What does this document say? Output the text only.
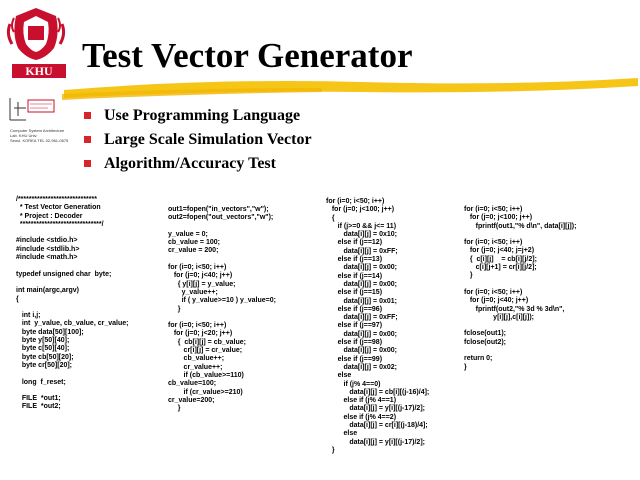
KHU Test Vector Generator
Computer System Architecture
Lab. KHU Univ.
Seoul, KOREA TEL 02-961-0675
Use Programming Language
Large Scale Simulation Vector
Algorithm/Accuracy Test
/*****************************
* Test Vector Generation
* Project : Decoder
******************************/

#include <stdio.h>
#include <stdlib.h>
#include <math.h>

typedef unsigned char  byte;

int main(argc,argv)
{

int i,j;
int  y_value, cb_value, cr_value;
byte data[50][100];
byte y[50][40];
byte c[50][40];
byte cb[50][20];
byte cr[50][20];

long  f_reset;

FILE  *out1;
FILE  *out2;
out1=fopen("in_vectors","w");
out2=fopen("out_vectors","w");

y_value = 0;
cb_value = 100;
cr_value = 200;

for (i=0; i<50; i++)
for (j=0; j<40; j++)
{ y[i][j] = y_value;
y_value++;
if ( y_value>=10 ) y_value=0;
}

for (i=0; i<50; i++)
for (j=0; j<20; j++)
{  cb[i][j] = cb_value;
cr[i][j] = cr_value;
cb_value++;
cr_value++;
if (cb_value>=110)
cb_value=100;
if (cr_value>=210)
cr_value=200;
}
for (i=0; i<50; i++)
for (j=0; j<100; j++)
{
if (j>=0 && j<= 11)
data[i][j] = 0x10;
else if (j==12)
data[i][j] = 0xFF;
else if (j==13)
data[i][j] = 0x00;
else if (j==14)
data[i][j] = 0x00;
else if (j==15)
data[i][j] = 0x01;
else if (j==96)
data[i][j] = 0xFF;
else if (j==97)
data[i][j] = 0x00;
else if (j==98)
data[i][j] = 0x00;
else if (j==99)
data[i][j] = 0x02;
else
if (j% 4==0)
data[i][j] = cb[i][(j-16)/4];
else if (j% 4==1)
data[i][j] = y[i][(j-17)/2];
else if (j% 4==2)
data[i][j] = cr[i][(j-18)/4];
else
data[i][j] = y[i][(j-17)/2];
}
for (i=0; i<50; i++)
for (j=0; j<100; j++)
fprintf(out1,"% d\n", data[i][j]);

for (i=0; i<50; i++)
for (j=0; j<40; j=j+2)
{  c[i][j]    = cb[i][j/2];
c[i][j+1] = cr[i][j/2];
}

for (i=0; i<50; i++)
for (j=0; j<40; j++)
fprintf(out2,"% 3d % 3d\n",
y[i][j],c[i][j]);

fclose(out1);
fclose(out2);

return 0;
}
